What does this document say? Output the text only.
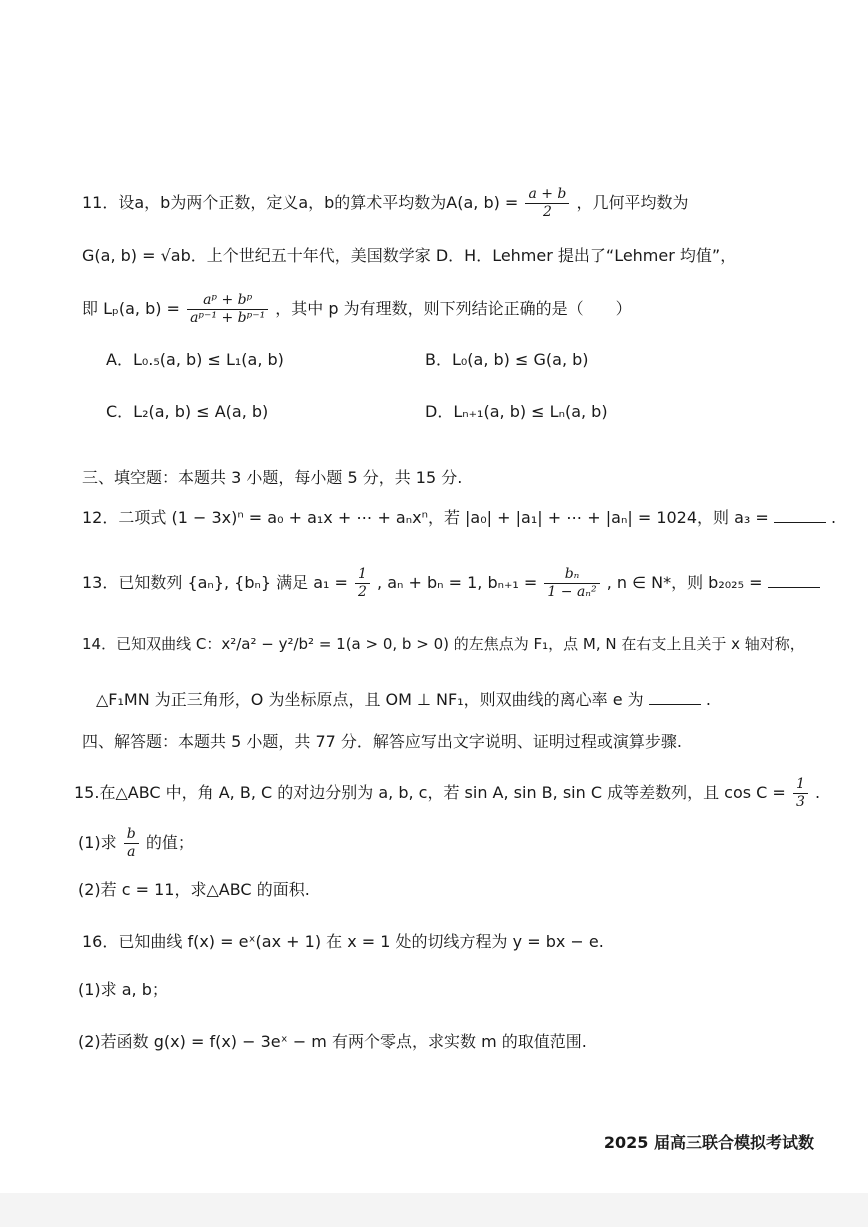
11．设a，b为两个正数，定义a，b的算术平均数为A(a, $b) = \frac{a + b}{2}$ ，几何平均数为
G(a, b) = √ab．上个世纪五十年代，美国数学家 D．H．Lehmer 提出了“Lehmer 均值”，
即 Lₚ(a, $b) = \frac{\text{aᵖ + bᵖ}}{\text{aᵖ⁻¹ + bᵖ⁻¹}}$ ，其中 p 为有理数，则下列结论正确的是（　　）
A．L₀.₅(a, b) ≤ L₁(a, b)	B．L₀(a, b) ≤ G(a, b)
C．L₂(a, b) ≤ A(a, b)	D．Lₙ₊₁(a, b) ≤ Lₙ(a, b)
三、填空题：本题共 3 小题，每小题 5 分，共 15 分.
12．二项式 (1 − 3x)ⁿ = a₀ + a₁x + ⋯ + aₙxⁿ，若 |a₀| + |a₁| + ⋯ + |aₙ| = 1024，则 a₃ =	.
13．已知数列 {aₙ}, {bₙ} 满足 $a_1 = \frac{1}{2}$ , aₙ + bₙ = 1, $b_{n+1} = \frac{\text{bₙ}}{\text{1 − aₙ²}}$ , n ∈ N*，则 b₂₀₂₅ =
14．已知双曲线 C：x²/a² − y²/b² = 1(a > 0, b > 0) 的左焦点为 F₁，点 M, N 在右支上且关于 x 轴对称，
△F₁MN 为正三角形，O 为坐标原点，且 OM ⊥ NF₁，则双曲线的离心率 e 为	.
四、解答题：本题共 5 小题，共 77 分．解答应写出文字说明、证明过程或演算步骤.
15.在△ABC 中，角 A, B, C 的对边分别为 a, b, c，若 sin A, sin B, sin C 成等差数列，且 $\cos C = \frac{1}{3}$ .
(1)求 $\frac{b}{a}$ 的值；
(2)若 c = 11，求△ABC 的面积.
16．已知曲线 f(x) = eˣ(ax + 1) 在 x = 1 处的切线方程为 y = bx − e.
(1)求 a, b；
(2)若函数 g(x) = f(x) − 3eˣ − m 有两个零点，求实数 m 的取值范围.
2025 届高三联合模拟考试数
